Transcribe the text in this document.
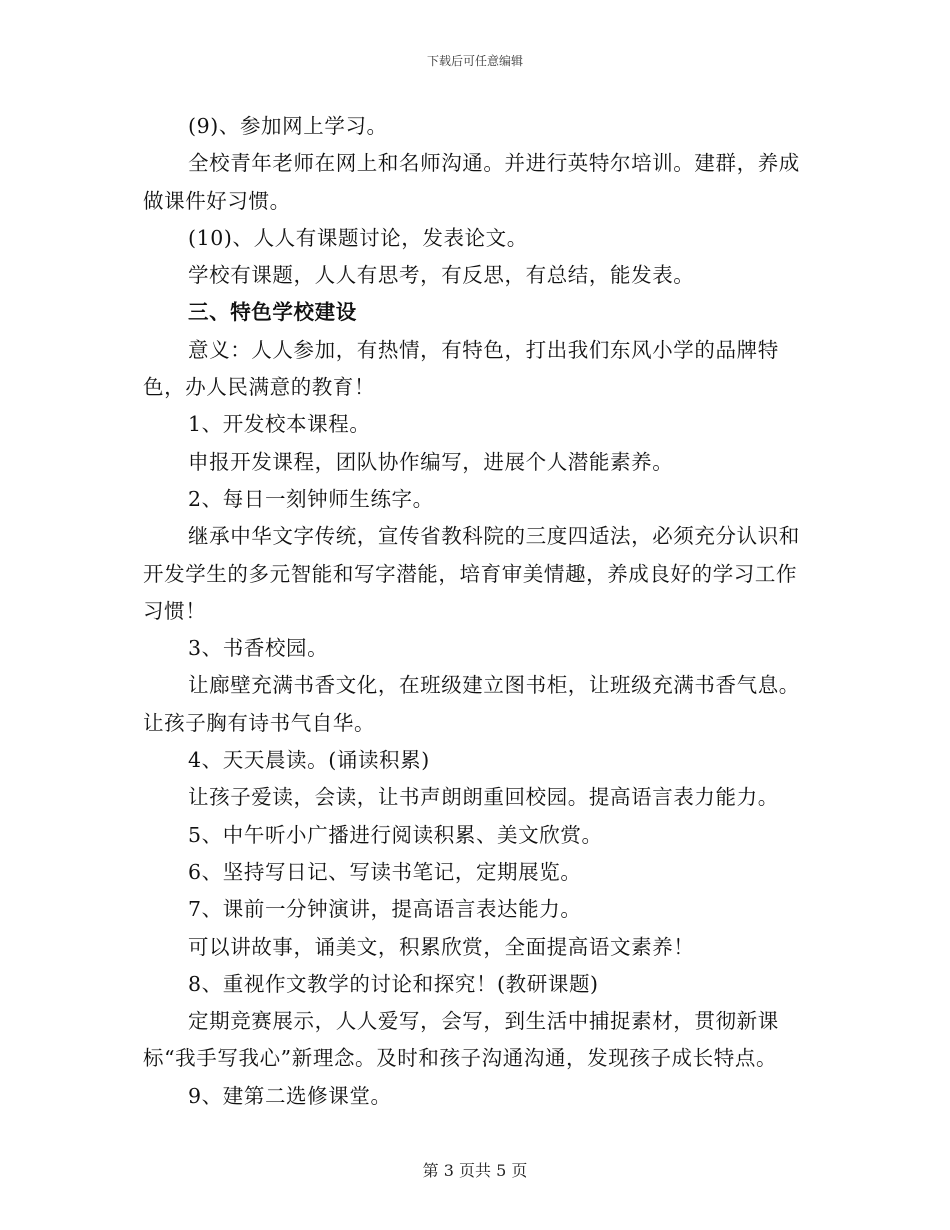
下载后可任意编辑

(9)、参加网上学习。

全校青年老师在网上和名师沟通。并进行英特尔培训。建群，养成做课件好习惯。

(10)、人人有课题讨论，发表论文。

学校有课题，人人有思考，有反思，有总结，能发表。

三、特色学校建设

意义：人人参加，有热情，有特色，打出我们东风小学的品牌特色，办人民满意的教育！

1、开发校本课程。

申报开发课程，团队协作编写，进展个人潜能素养。

2、每日一刻钟师生练字。

继承中华文字传统，宣传省教科院的三度四适法，必须充分认识和开发学生的多元智能和写字潜能，培育审美情趣，养成良好的学习工作习惯！

3、书香校园。

让廊壁充满书香文化，在班级建立图书柜，让班级充满书香气息。让孩子胸有诗书气自华。

4、天天晨读。(诵读积累)

让孩子爱读，会读，让书声朗朗重回校园。提高语言表力能力。

5、中午听小广播进行阅读积累、美文欣赏。

6、坚持写日记、写读书笔记，定期展览。

7、课前一分钟演讲，提高语言表达能力。

可以讲故事，诵美文，积累欣赏，全面提高语文素养！

8、重视作文教学的讨论和探究！(教研课题)

定期竞赛展示，人人爱写，会写，到生活中捕捉素材，贯彻新课标“我手写我心”新理念。及时和孩子沟通沟通，发现孩子成长特点。

9、建第二选修课堂。

第 3 页共 5 页
